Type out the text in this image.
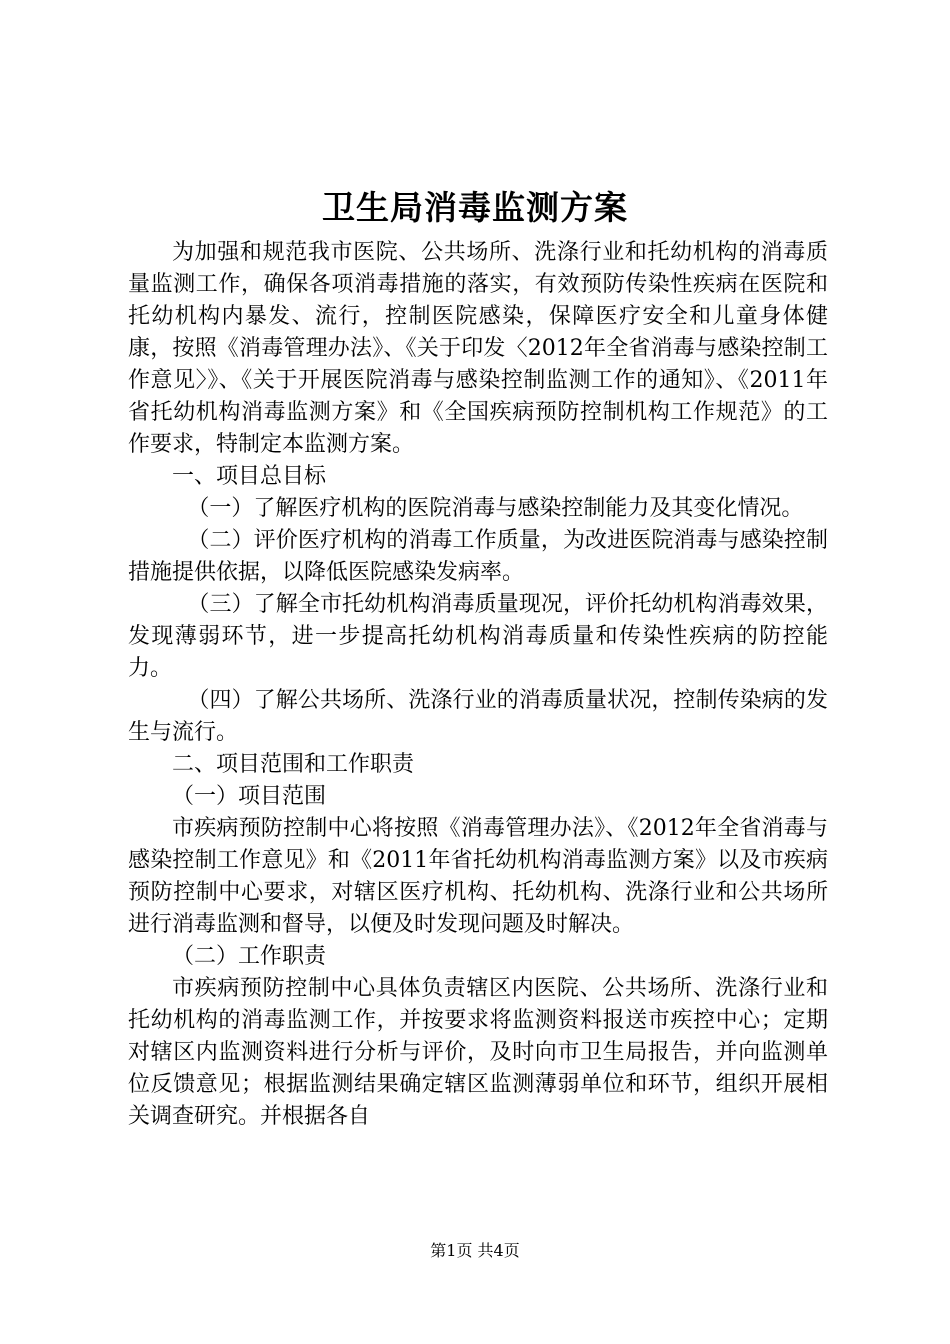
卫生局消毒监测方案

为加强和规范我市医院、公共场所、洗涤行业和托幼机构的消毒质量监测工作，确保各项消毒措施的落实，有效预防传染性疾病在医院和托幼机构内暴发、流行，控制医院感染，保障医疗安全和儿童身体健康，按照《消毒管理办法》、《关于印发〈2012年全省消毒与感染控制工作意见〉》、《关于开展医院消毒与感染控制监测工作的通知》、《2011年省托幼机构消毒监测方案》和《全国疾病预防控制机构工作规范》的工作要求，特制定本监测方案。

一、项目总目标

（一）了解医疗机构的医院消毒与感染控制能力及其变化情况。

（二）评价医疗机构的消毒工作质量，为改进医院消毒与感染控制措施提供依据，以降低医院感染发病率。

（三）了解全市托幼机构消毒质量现况，评价托幼机构消毒效果，发现薄弱环节，进一步提高托幼机构消毒质量和传染性疾病的防控能力。

（四）了解公共场所、洗涤行业的消毒质量状况，控制传染病的发生与流行。

二、项目范围和工作职责

（一）项目范围

市疾病预防控制中心将按照《消毒管理办法》、《2012年全省消毒与感染控制工作意见》和《2011年省托幼机构消毒监测方案》以及市疾病预防控制中心要求，对辖区医疗机构、托幼机构、洗涤行业和公共场所进行消毒监测和督导，以便及时发现问题及时解决。

（二）工作职责

市疾病预防控制中心具体负责辖区内医院、公共场所、洗涤行业和托幼机构的消毒监测工作，并按要求将监测资料报送市疾控中心；定期对辖区内监测资料进行分析与评价，及时向市卫生局报告，并向监测单位反馈意见；根据监测结果确定辖区监测薄弱单位和环节，组织开展相关调查研究。并根据各自

第1页 共4页
